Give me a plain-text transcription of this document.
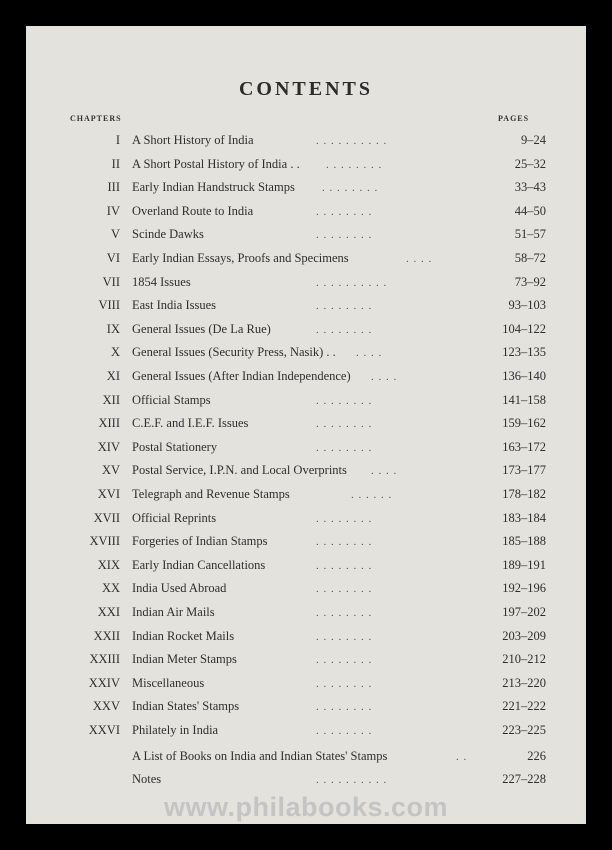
CONTENTS
CHAPTERS	PAGES
I A Short History of India	. . . . . . . . . .	9–24
II A Short Postal History of India . . . . . . . . . .	25–32
III Early Indian Handstruck Stamps . . . . . . . .	33–43
IV Overland Route to India	. . . . . . . .	44–50
V Scinde Dawks	. . . . . . . .	51–57
VI Early Indian Essays, Proofs and Specimens	. . . .	58–72
VII 1854 Issues	. . . . . . . . . .	73–92
VIII East India Issues	. . . . . . . .	93–103
IX General Issues (De La Rue)	. . . . . . . .	104–122
X General Issues (Security Press, Nasik) . . . . . .	123–135
XI General Issues (After Indian Independence) . . . .	136–140
XII Official Stamps	. . . . . . . .	141–158
XIII C.E.F. and I.E.F. Issues	. . . . . . . .	159–162
XIV Postal Stationery	. . . . . . . .	163–172
XV Postal Service, I.P.N. and Local Overprints . . . .	173–177
XVI Telegraph and Revenue Stamps	. . . . . .	178–182
XVII Official Reprints	. . . . . . . .	183–184
XVIII Forgeries of Indian Stamps	. . . . . . . .	185–188
XIX Early Indian Cancellations	. . . . . . . .	189–191
XX India Used Abroad	. . . . . . . .	192–196
XXI Indian Air Mails	. . . . . . . .	197–202
XXII Indian Rocket Mails	. . . . . . . .	203–209
XXIII Indian Meter Stamps	. . . . . . . .	210–212
XXIV Miscellaneous	. . . . . . . .	213–220
XXV Indian States' Stamps	. . . . . . . .	221–222
XXVI Philately in India	. . . . . . . .	223–225
A List of Books on India and Indian States' Stamps	. .	226
Notes	. . . . . . . . . .	227–228
www.philabooks.com
